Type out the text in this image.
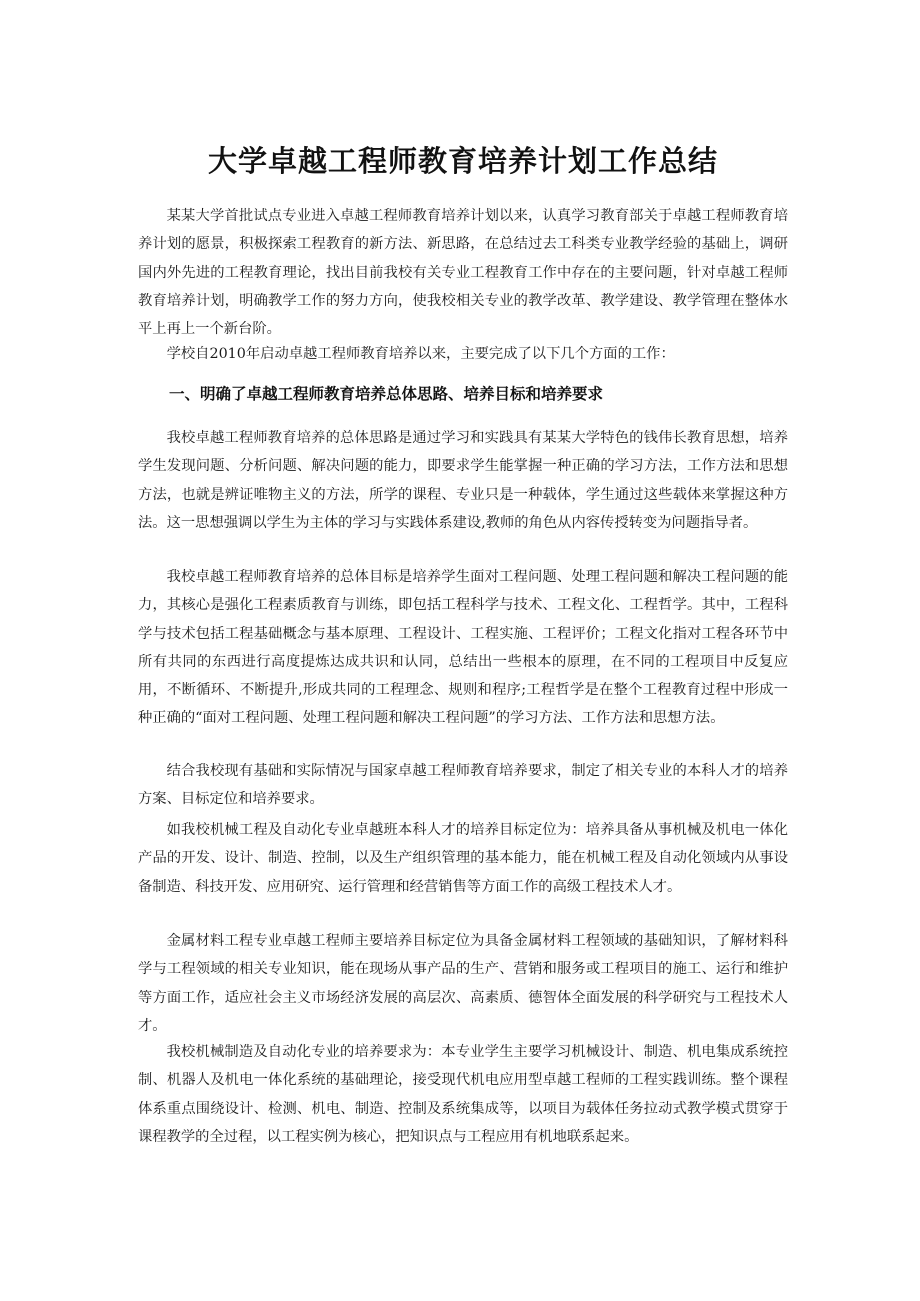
大学卓越工程师教育培养计划工作总结

某某大学首批试点专业进入卓越工程师教育培养计划以来，认真学习教育部关于卓越工程师教育培养计划的愿景，积极探索工程教育的新方法、新思路，在总结过去工科类专业教学经验的基础上，调研国内外先进的工程教育理论，找出目前我校有关专业工程教育工作中存在的主要问题，针对卓越工程师教育培养计划，明确教学工作的努力方向，使我校相关专业的教学改革、教学建设、教学管理在整体水平上再上一个新台阶。

学校自2010年启动卓越工程师教育培养以来，主要完成了以下几个方面的工作：

一、明确了卓越工程师教育培养总体思路、培养目标和培养要求

我校卓越工程师教育培养的总体思路是通过学习和实践具有某某大学特色的钱伟长教育思想，培养学生发现问题、分析问题、解决问题的能力，即要求学生能掌握一种正确的学习方法，工作方法和思想方法，也就是辨证唯物主义的方法，所学的课程、专业只是一种载体，学生通过这些载体来掌握这种方法。这一思想强调以学生为主体的学习与实践体系建设,教师的角色从内容传授转变为问题指导者。

我校卓越工程师教育培养的总体目标是培养学生面对工程问题、处理工程问题和解决工程问题的能力，其核心是强化工程素质教育与训练，即包括工程科学与技术、工程文化、工程哲学。其中，工程科学与技术包括工程基础概念与基本原理、工程设计、工程实施、工程评价；工程文化指对工程各环节中所有共同的东西进行高度提炼达成共识和认同，总结出一些根本的原理，在不同的工程项目中反复应用，不断循环、不断提升,形成共同的工程理念、规则和程序;工程哲学是在整个工程教育过程中形成一种正确的“面对工程问题、处理工程问题和解决工程问题”的学习方法、工作方法和思想方法。

结合我校现有基础和实际情况与国家卓越工程师教育培养要求，制定了相关专业的本科人才的培养方案、目标定位和培养要求。

如我校机械工程及自动化专业卓越班本科人才的培养目标定位为：培养具备从事机械及机电一体化产品的开发、设计、制造、控制，以及生产组织管理的基本能力，能在机械工程及自动化领域内从事设备制造、科技开发、应用研究、运行管理和经营销售等方面工作的高级工程技术人才。

金属材料工程专业卓越工程师主要培养目标定位为具备金属材料工程领域的基础知识，了解材料科学与工程领域的相关专业知识，能在现场从事产品的生产、营销和服务或工程项目的施工、运行和维护等方面工作，适应社会主义市场经济发展的高层次、高素质、德智体全面发展的科学研究与工程技术人才。

我校机械制造及自动化专业的培养要求为：本专业学生主要学习机械设计、制造、机电集成系统控制、机器人及机电一体化系统的基础理论，接受现代机电应用型卓越工程师的工程实践训练。整个课程体系重点围绕设计、检测、机电、制造、控制及系统集成等，以项目为载体任务拉动式教学模式贯穿于课程教学的全过程，以工程实例为核心，把知识点与工程应用有机地联系起来。
